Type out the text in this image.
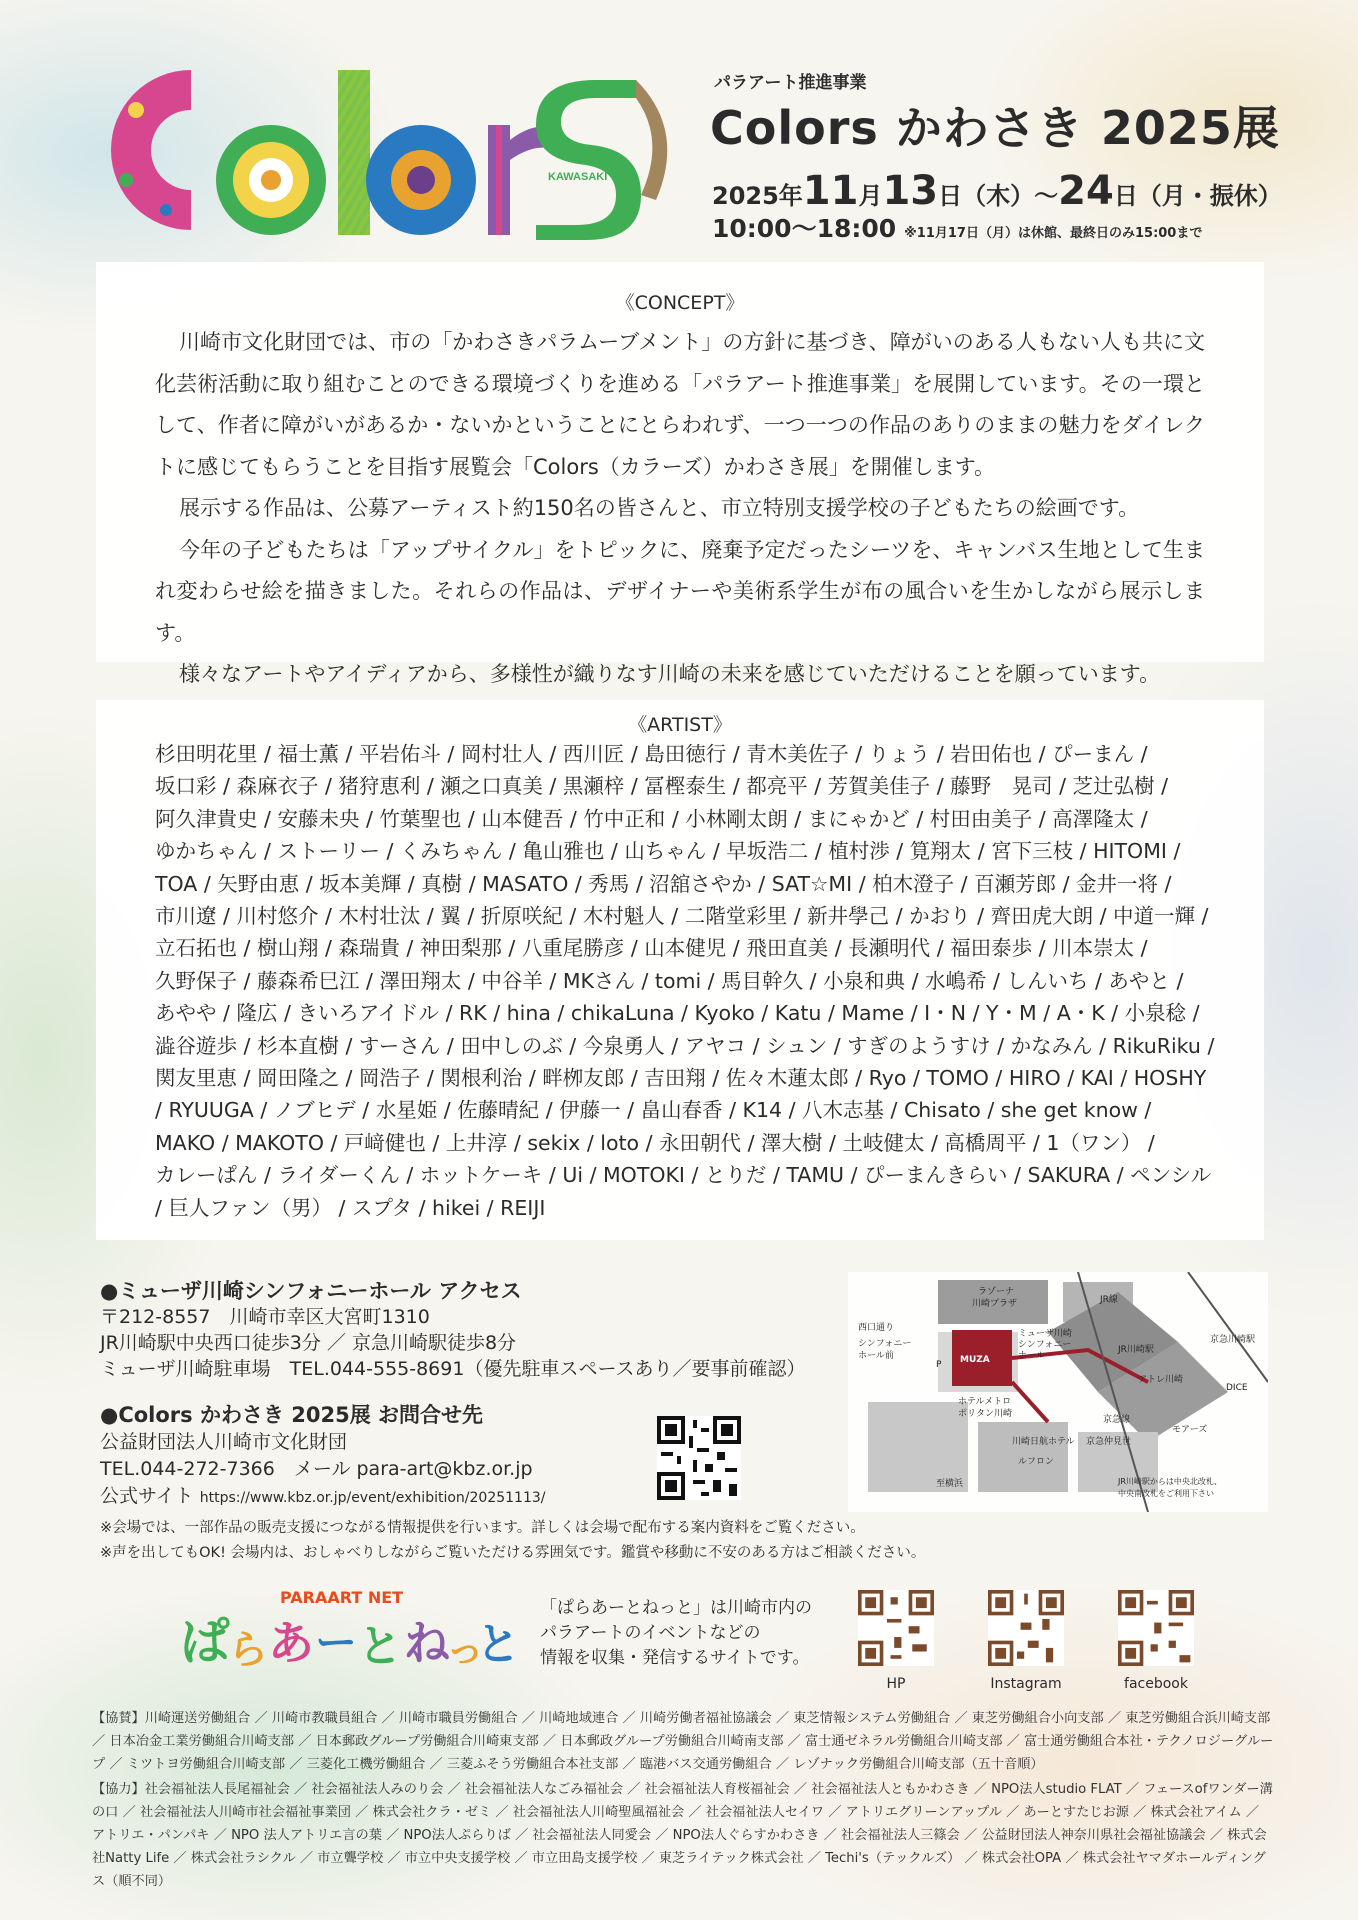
KAWASAKI
パラアート推進事業
Colors かわさき 2025展
2025年11月13日（木）～24日（月・振休）
10:00～18:00 ※11月17日（月）は休館、最終日のみ15:00まで
《CONCEPT》

川崎市文化財団では、市の「かわさきパラムーブメント」の方針に基づき、障がいのある人もない人も共に文化芸術活動に取り組むことのできる環境づくりを進める「パラアート推進事業」を展開しています。その一環として、作者に障がいがあるか・ないかということにとらわれず、一つ一つの作品のありのままの魅力をダイレクトに感じてもらうことを目指す展覧会「Colors（カラーズ）かわさき展」を開催します。

展示する作品は、公募アーティスト約150名の皆さんと、市立特別支援学校の子どもたちの絵画です。

今年の子どもたちは「アップサイクル」をトピックに、廃棄予定だったシーツを、キャンバス生地として生まれ変わらせ絵を描きました。それらの作品は、デザイナーや美術系学生が布の風合いを生かしながら展示します。

様々なアートやアイディアから、多様性が織りなす川崎の未来を感じていただけることを願っています。

《ARTIST》
杉田明花里 / 福士薫 / 平岩佑斗 / 岡村壮人 / 西川匠 / 島田徳行 / 青木美佐子 / りょう / 岩田佑也 / ぴーまん / 坂口彩 / 森麻衣子 / 猪狩恵利 / 瀬之口真美 / 黒瀬梓 / 冨樫泰生 / 都亮平 / 芳賀美佳子 / 藤野　晃司 / 芝辻弘樹 / 阿久津貴史 / 安藤未央 / 竹葉聖也 / 山本健吾 / 竹中正和 / 小林剛太朗 / まにゃかど / 村田由美子 / 高澤隆太 / ゆかちゃん / ストーリー / くみちゃん / 亀山雅也 / 山ちゃん / 早坂浩二 / 植村渉 / 筧翔太 / 宮下三枝 / HITOMI / TOA / 矢野由恵 / 坂本美輝 / 真樹 / MASATO / 秀馬 / 沼舘さやか / SAT☆MI / 柏木澄子 / 百瀬芳郎 / 金井一将 / 市川遼 / 川村悠介 / 木村壮汰 / 翼 / 折原咲紀 / 木村魁人 / 二階堂彩里 / 新井學己 / かおり / 齊田虎大朗 / 中道一輝 / 立石拓也 / 樹山翔 / 森瑞貴 / 神田梨那 / 八重尾勝彦 / 山本健児 / 飛田直美 / 長瀬明代 / 福田泰歩 / 川本崇太 / 久野保子 / 藤森希巳江 / 澤田翔太 / 中谷羊 / MKさん / tomi / 馬目幹久 / 小泉和典 / 水嶋希 / しんいち / あやと / あやや / 隆広 / きいろアイドル / RK / hina / chikaLuna / Kyoko / Katu / Mame / I・N / Y・M / A・K / 小泉稔 / 澁谷遊歩 / 杉本直樹 / すーさん / 田中しのぶ / 今泉勇人 / アヤコ / シュン / すぎのようすけ / かなみん / RikuRiku / 関友里恵 / 岡田隆之 / 岡浩子 / 関根利治 / 畔栁友郎 / 吉田翔 / 佐々木蓮太郎 / Ryo / TOMO / HIRO / KAI / HOSHY / RYUUGA / ノブヒデ / 水星姫 / 佐藤晴紀 / 伊藤一 / 畠山春香 / K14 / 八木志基 / Chisato / she get know / MAKO / MAKOTO / 戸﨑健也 / 上井淳 / sekix / loto / 永田朝代 / 澤大樹 / 土岐健太 / 高橋周平 / 1（ワン） / カレーぱん / ライダーくん / ホットケーキ / Ui / MOTOKI / とりだ / TAMU / ぴーまんきらい / SAKURA / ペンシル / 巨人ファン（男） / スプタ / hikei / REIJI
●ミューザ川崎シンフォニーホール アクセス
〒212-8557　川崎市幸区大宮町1310
JR川崎駅中央西口徒歩3分 ／ 京急川崎駅徒歩8分
ミューザ川崎駐車場　TEL.044-555-8691（優先駐車スペースあり／要事前確認）
●Colors かわさき 2025展 お問合せ先
公益財団法人川崎市文化財団
TEL.044-272-7366　メール para-art@kbz.or.jp
公式サイト https://www.kbz.or.jp/event/exhibition/20251113/
※会場では、一部作品の販売支援につながる情報提供を行います。詳しくは会場で配布する案内資料をご覧ください。
※声を出してもOK! 会場内は、おしゃべりしながらご覧いただける雰囲気です。鑑賞や移動に不安のある方はご相談ください。
ラゾーナ
川崎プラザ	JR線
JR川崎駅
京急川崎駅
西口通り
シンフォニー
ホール前
ミューザ川崎
シンフォニー
ホール
MUZA
P
アトレ川崎
DICE
ホテルメトロ
ポリタン川崎
川崎日航ホテル
京急線
京急仲見世
モアーズ
ルフロン
至横浜	JR川崎駅からは中央北改札、
中央南改札をご利用下さい
PARAART NET
ぱ
ら あ ー と ね
っ
と
「ぱらあーとねっと」は川崎市内の
パラアートのイベントなどの
情報を収集・発信するサイトです。
HP	Instagram	facebook

【協賛】川崎運送労働組合 ／ 川崎市教職員組合 ／ 川崎市職員労働組合 ／ 川崎地域連合 ／ 川崎労働者福祉協議会 ／ 東芝情報システム労働組合 ／ 東芝労働組合小向支部 ／ 東芝労働組合浜川崎支部 ／ 日本冶金工業労働組合川崎支部 ／ 日本郵政グループ労働組合川崎東支部 ／ 日本郵政グループ労働組合川崎南支部 ／ 富士通ゼネラル労働組合川崎支部 ／ 富士通労働組合本社・テクノロジーグループ ／ ミツトヨ労働組合川崎支部 ／ 三菱化工機労働組合 ／ 三菱ふそう労働組合本社支部 ／ 臨港バス交通労働組合 ／ レゾナック労働組合川崎支部（五十音順）

【協力】社会福祉法人長尾福祉会 ／ 社会福祉法人みのり会 ／ 社会福祉法人なごみ福祉会 ／ 社会福祉法人育桜福祉会 ／ 社会福祉法人ともかわさき ／ NPO法人studio FLAT ／ フェースofワンダー溝の口 ／ 社会福祉法人川崎市社会福祉事業団 ／ 株式会社クラ・ゼミ ／ 社会福祉法人川崎聖風福祉会 ／ 社会福祉法人セイワ ／ アトリエグリーンアップル ／ あーとすたじお源 ／ 株式会社アイム ／ アトリエ・パンパキ ／ NPO 法人アトリエ言の葉 ／ NPO法人ぷらりば ／ 社会福祉法人同愛会 ／ NPO法人ぐらすかわさき ／ 社会福祉法人三篠会 ／ 公益財団法人神奈川県社会福祉協議会 ／ 株式会社Natty Life ／ 株式会社ラシクル ／ 市立聾学校 ／ 市立中央支援学校 ／ 市立田島支援学校 ／ 東芝ライテック株式会社 ／ Techi's（テックルズ） ／ 株式会社OPA ／ 株式会社ヤマダホールディングス（順不同）
